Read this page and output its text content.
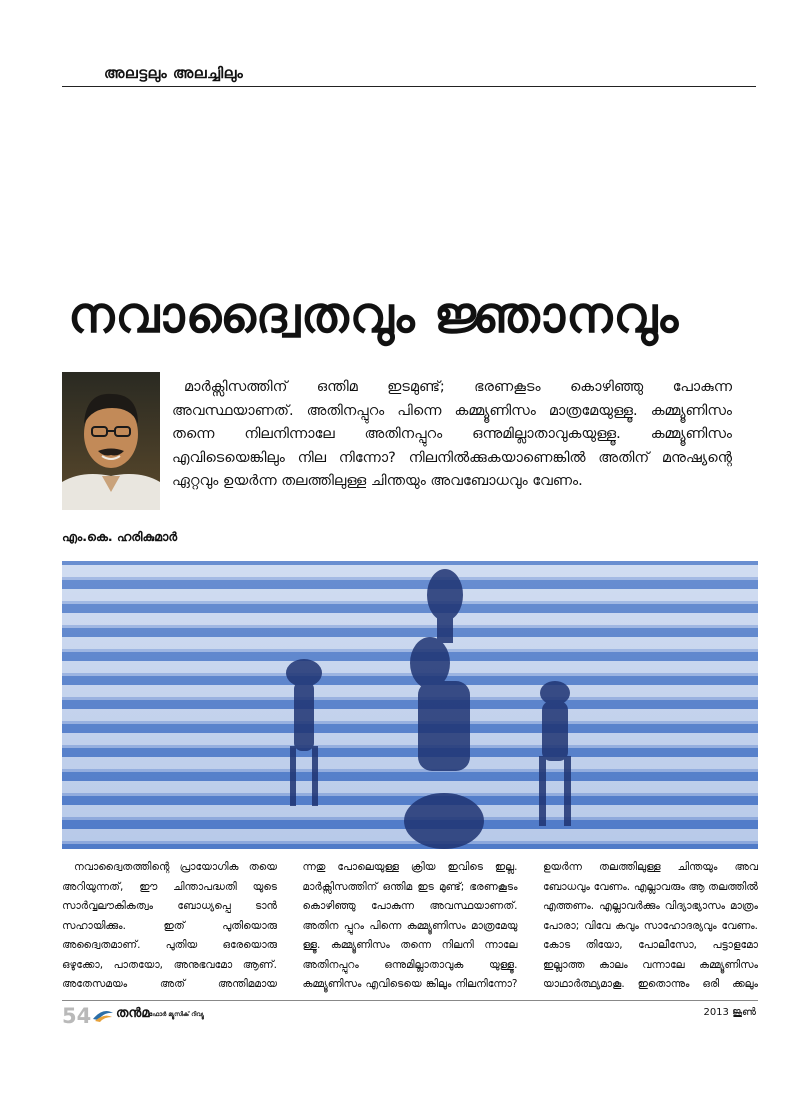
അലട്ടലും അലച്ചിലും
നവാദ്വൈതവും ജ്ഞാനവും
മാർക്സിസത്തിന് ഒന്തിമ ഇടമുണ്ട്; ഭരണകൂടം കൊഴിഞ്ഞു പോകുന്ന അവസ്ഥയാണത്. അതിനപ്പുറം പിന്നെ കമ്മ്യൂണിസം മാത്രമേയുള്ളൂ. കമ്മ്യൂണിസം തന്നെ നിലനിന്നാലേ അതിനപ്പുറം ഒന്നുമില്ലാതാവുകയുള്ളൂ. കമ്മ്യൂണിസം എവിടെയെങ്കിലും നില നിന്നോ? നിലനിൽക്കുകയാണെങ്കിൽ അതിന് മനുഷ്യന്റെ ഏറ്റവും ഉയർന്ന തലത്തിലുള്ള ചിന്തയും അവബോധവും വേണം.
എം.കെ. ഹരികുമാർ
നവാദ്വൈതത്തിന്റെ പ്രായോഗിക തയെ അറിയുന്നത്, ഈ ചിന്താപദ്ധതി യുടെ സാർവ്വലൗകികത്വം ബോധ്യപ്പെ ടാൻ സഹായിക്കും. ഇത് പുതിയൊരു അദ്വൈതമാണ്. പുതിയ ഒരേയൊരു ഒഴുക്കോ, പാതയോ, അനുഭവമോ ആണ്. അതേസമയം അത് അന്തിമമായ
ന്നതു പോലെയുള്ള ക്രിയ ഇവിടെ ഇല്ല. മാർക്സിസത്തിന് ഒന്തിമ ഇട മുണ്ട്; ഭരണകൂടം കൊഴിഞ്ഞു പോകുന്ന അവസ്ഥയാണത്. അതിന പ്പുറം പിന്നെ കമ്മ്യൂണിസം മാത്രമേയു ള്ളൂ. കമ്മ്യൂണിസം തന്നെ നിലനി ന്നാലേ അതിനപ്പുറം ഒന്നുമില്ലാതാവുക യുള്ളൂ. കമ്മ്യൂണിസം എവിടെയെ ങ്കിലും നിലനിന്നോ?
ഉയർന്ന തലത്തിലുള്ള ചിന്തയും അവ ബോധവും വേണം. എല്ലാവരും ആ തലത്തിൽ എത്തണം. എല്ലാവർക്കും വിദ്യാഭ്യാസം മാത്രം പോരാ; വിവേ കവും സാഹോദര്യവും വേണം. കോട തിയോ, പോലീസോ, പട്ടാളമോ ഇല്ലാത്ത കാലം വന്നാലേ കമ്മ്യൂണിസം യാഥാർത്ഥ്യമാകൂ. ഇതൊന്നും ഒരി ക്കലും
54 തൻമ ഫോർ മ്യൂസിക് റിവ്യൂ	2013 ജൂൺ
